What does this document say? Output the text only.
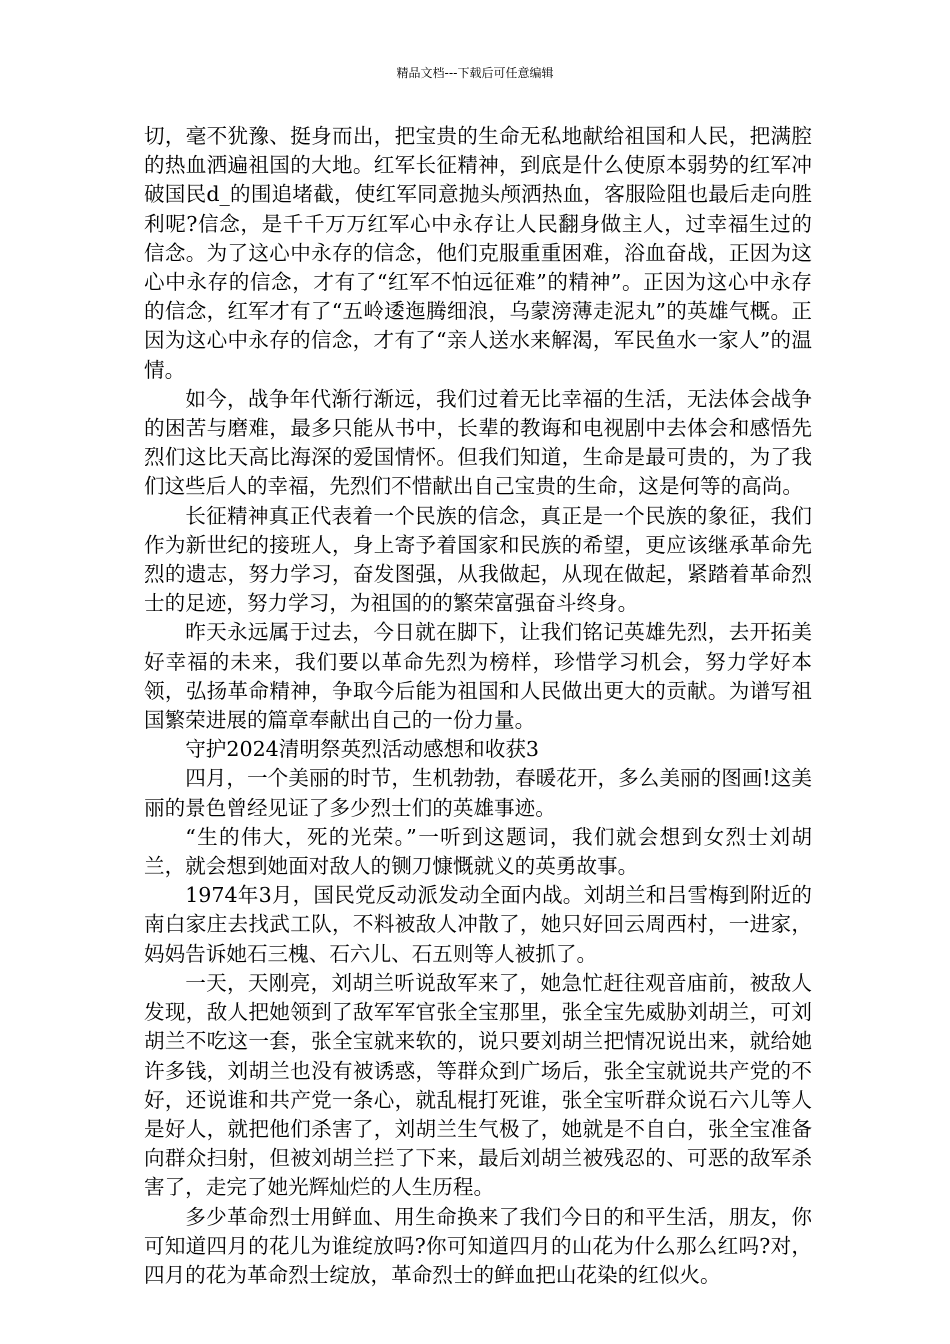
精品文档---下载后可任意编辑

切，毫不犹豫、挺身而出，把宝贵的生命无私地献给祖国和人民，把满腔的热血洒遍祖国的大地。红军长征精神，到底是什么使原本弱势的红军冲破国民d_的围追堵截，使红军同意抛头颅洒热血，客服险阻也最后走向胜利呢?信念，是千千万万红军心中永存让人民翻身做主人，过幸福生过的信念。为了这心中永存的信念，他们克服重重困难，浴血奋战，正因为这心中永存的信念，才有了“红军不怕远征难”的精神”。正因为这心中永存的信念，红军才有了“五岭逶迤腾细浪，乌蒙滂薄走泥丸”的英雄气概。正因为这心中永存的信念，才有了“亲人送水来解渴，军民鱼水一家人”的温情。

如今，战争年代渐行渐远，我们过着无比幸福的生活，无法体会战争的困苦与磨难，最多只能从书中，长辈的教诲和电视剧中去体会和感悟先烈们这比天高比海深的爱国情怀。但我们知道，生命是最可贵的，为了我们这些后人的幸福，先烈们不惜献出自己宝贵的生命，这是何等的高尚。

长征精神真正代表着一个民族的信念，真正是一个民族的象征，我们作为新世纪的接班人，身上寄予着国家和民族的希望，更应该继承革命先烈的遗志，努力学习，奋发图强，从我做起，从现在做起，紧踏着革命烈士的足迹，努力学习，为祖国的的繁荣富强奋斗终身。

昨天永远属于过去，今日就在脚下，让我们铭记英雄先烈，去开拓美好幸福的未来，我们要以革命先烈为榜样，珍惜学习机会，努力学好本领，弘扬革命精神，争取今后能为祖国和人民做出更大的贡献。为谱写祖国繁荣进展的篇章奉献出自己的一份力量。

守护2024清明祭英烈活动感想和收获3

四月，一个美丽的时节，生机勃勃，春暖花开，多么美丽的图画!这美丽的景色曾经见证了多少烈士们的英雄事迹。

“生的伟大，死的光荣。”一听到这题词，我们就会想到女烈士刘胡兰，就会想到她面对敌人的铡刀慷慨就义的英勇故事。

1974年3月，国民党反动派发动全面内战。刘胡兰和吕雪梅到附近的南白家庄去找武工队，不料被敌人冲散了，她只好回云周西村，一进家，妈妈告诉她石三槐、石六儿、石五则等人被抓了。

一天，天刚亮，刘胡兰听说敌军来了，她急忙赶往观音庙前，被敌人发现，敌人把她领到了敌军军官张全宝那里，张全宝先威胁刘胡兰，可刘胡兰不吃这一套，张全宝就来软的，说只要刘胡兰把情况说出来，就给她许多钱，刘胡兰也没有被诱惑，等群众到广场后，张全宝就说共产党的不好，还说谁和共产党一条心，就乱棍打死谁，张全宝听群众说石六儿等人是好人，就把他们杀害了，刘胡兰生气极了，她就是不自白，张全宝准备向群众扫射，但被刘胡兰拦了下来，最后刘胡兰被残忍的、可恶的敌军杀害了，走完了她光辉灿烂的人生历程。

多少革命烈士用鲜血、用生命换来了我们今日的和平生活，朋友，你可知道四月的花儿为谁绽放吗?你可知道四月的山花为什么那么红吗?对，四月的花为革命烈士绽放，革命烈士的鲜血把山花染的红似火。
